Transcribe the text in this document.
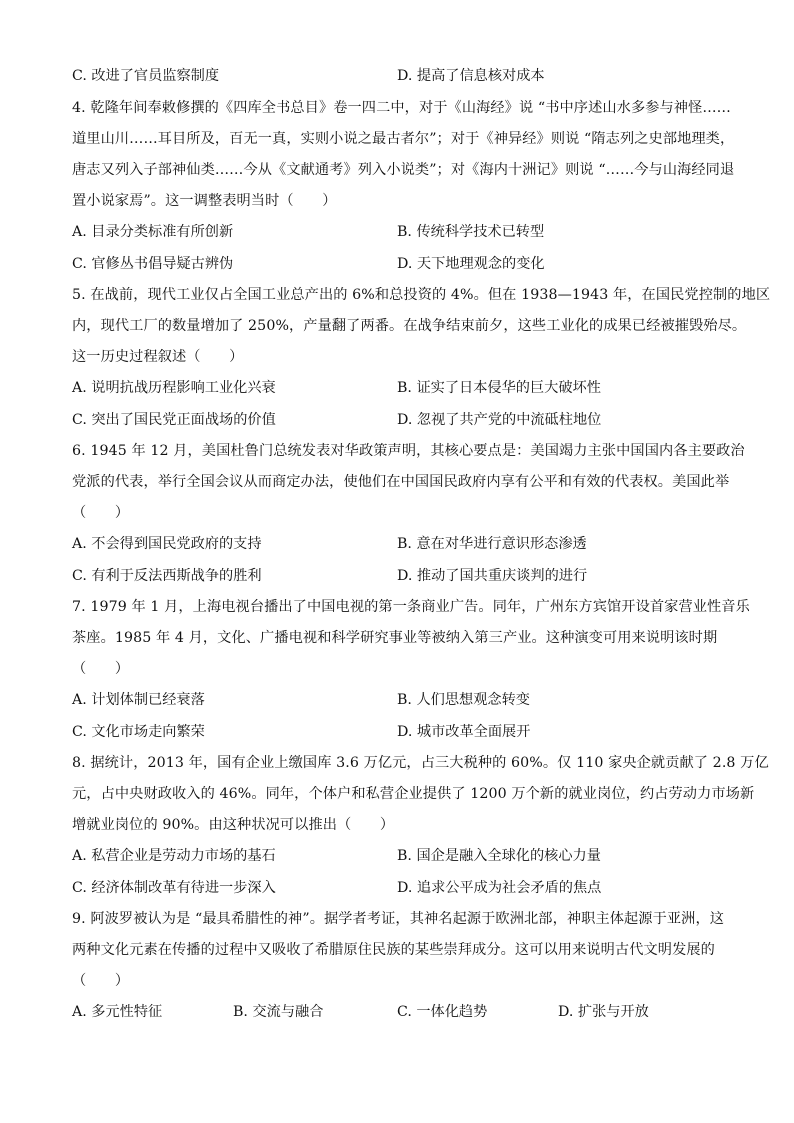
C. 改进了官员监察制度	D. 提高了信息核对成本
4. 乾隆年间奉敕修撰的《四库全书总目》卷一四二中，对于《山海经》说 “书中序述山水多参与神怪……
道里山川……耳目所及，百无一真，实则小说之最古者尔”；对于《神异经》则说 “隋志列之史部地理类，
唐志又列入子部神仙类……今从《文献通考》列入小说类”；对《海内十洲记》则说 “……今与山海经同退
置小说家焉”。这一调整表明当时（　　）
A. 目录分类标准有所创新	B. 传统科学技术已转型
C. 官修丛书倡导疑古辨伪	D. 天下地理观念的变化
5. 在战前，现代工业仅占全国工业总产出的 6%和总投资的 4%。但在 1938—1943 年，在国民党控制的地区
内，现代工厂的数量增加了 250%，产量翻了两番。在战争结束前夕，这些工业化的成果已经被摧毁殆尽。
这一历史过程叙述（　　）
A. 说明抗战历程影响工业化兴衰	B. 证实了日本侵华的巨大破坏性
C. 突出了国民党正面战场的价值	D. 忽视了共产党的中流砥柱地位
6. 1945 年 12 月，美国杜鲁门总统发表对华政策声明，其核心要点是：美国竭力主张中国国内各主要政治
党派的代表，举行全国会议从而商定办法，使他们在中国国民政府内享有公平和有效的代表权。美国此举
（　　）
A. 不会得到国民党政府的支持	B. 意在对华进行意识形态渗透
C. 有利于反法西斯战争的胜利	D. 推动了国共重庆谈判的进行
7. 1979 年 1 月，上海电视台播出了中国电视的第一条商业广告。同年，广州东方宾馆开设首家营业性音乐
茶座。1985 年 4 月，文化、广播电视和科学研究事业等被纳入第三产业。这种演变可用来说明该时期
（　　）
A. 计划体制已经衰落	B. 人们思想观念转变
C. 文化市场走向繁荣	D. 城市改革全面展开
8. 据统计，2013 年，国有企业上缴国库 3.6 万亿元，占三大税种的 60%。仅 110 家央企就贡献了 2.8 万亿
元，占中央财政收入的 46%。同年，个体户和私营企业提供了 1200 万个新的就业岗位，约占劳动力市场新
增就业岗位的 90%。由这种状况可以推出（　　）
A. 私营企业是劳动力市场的基石	B. 国企是融入全球化的核心力量
C. 经济体制改革有待进一步深入	D. 追求公平成为社会矛盾的焦点
9. 阿波罗被认为是 “最具希腊性的神”。据学者考证，其神名起源于欧洲北部，神职主体起源于亚洲，这
两种文化元素在传播的过程中又吸收了希腊原住民族的某些崇拜成分。这可以用来说明古代文明发展的
（　　）
A. 多元性特征	B. 交流与融合	C. 一体化趋势	D. 扩张与开放
